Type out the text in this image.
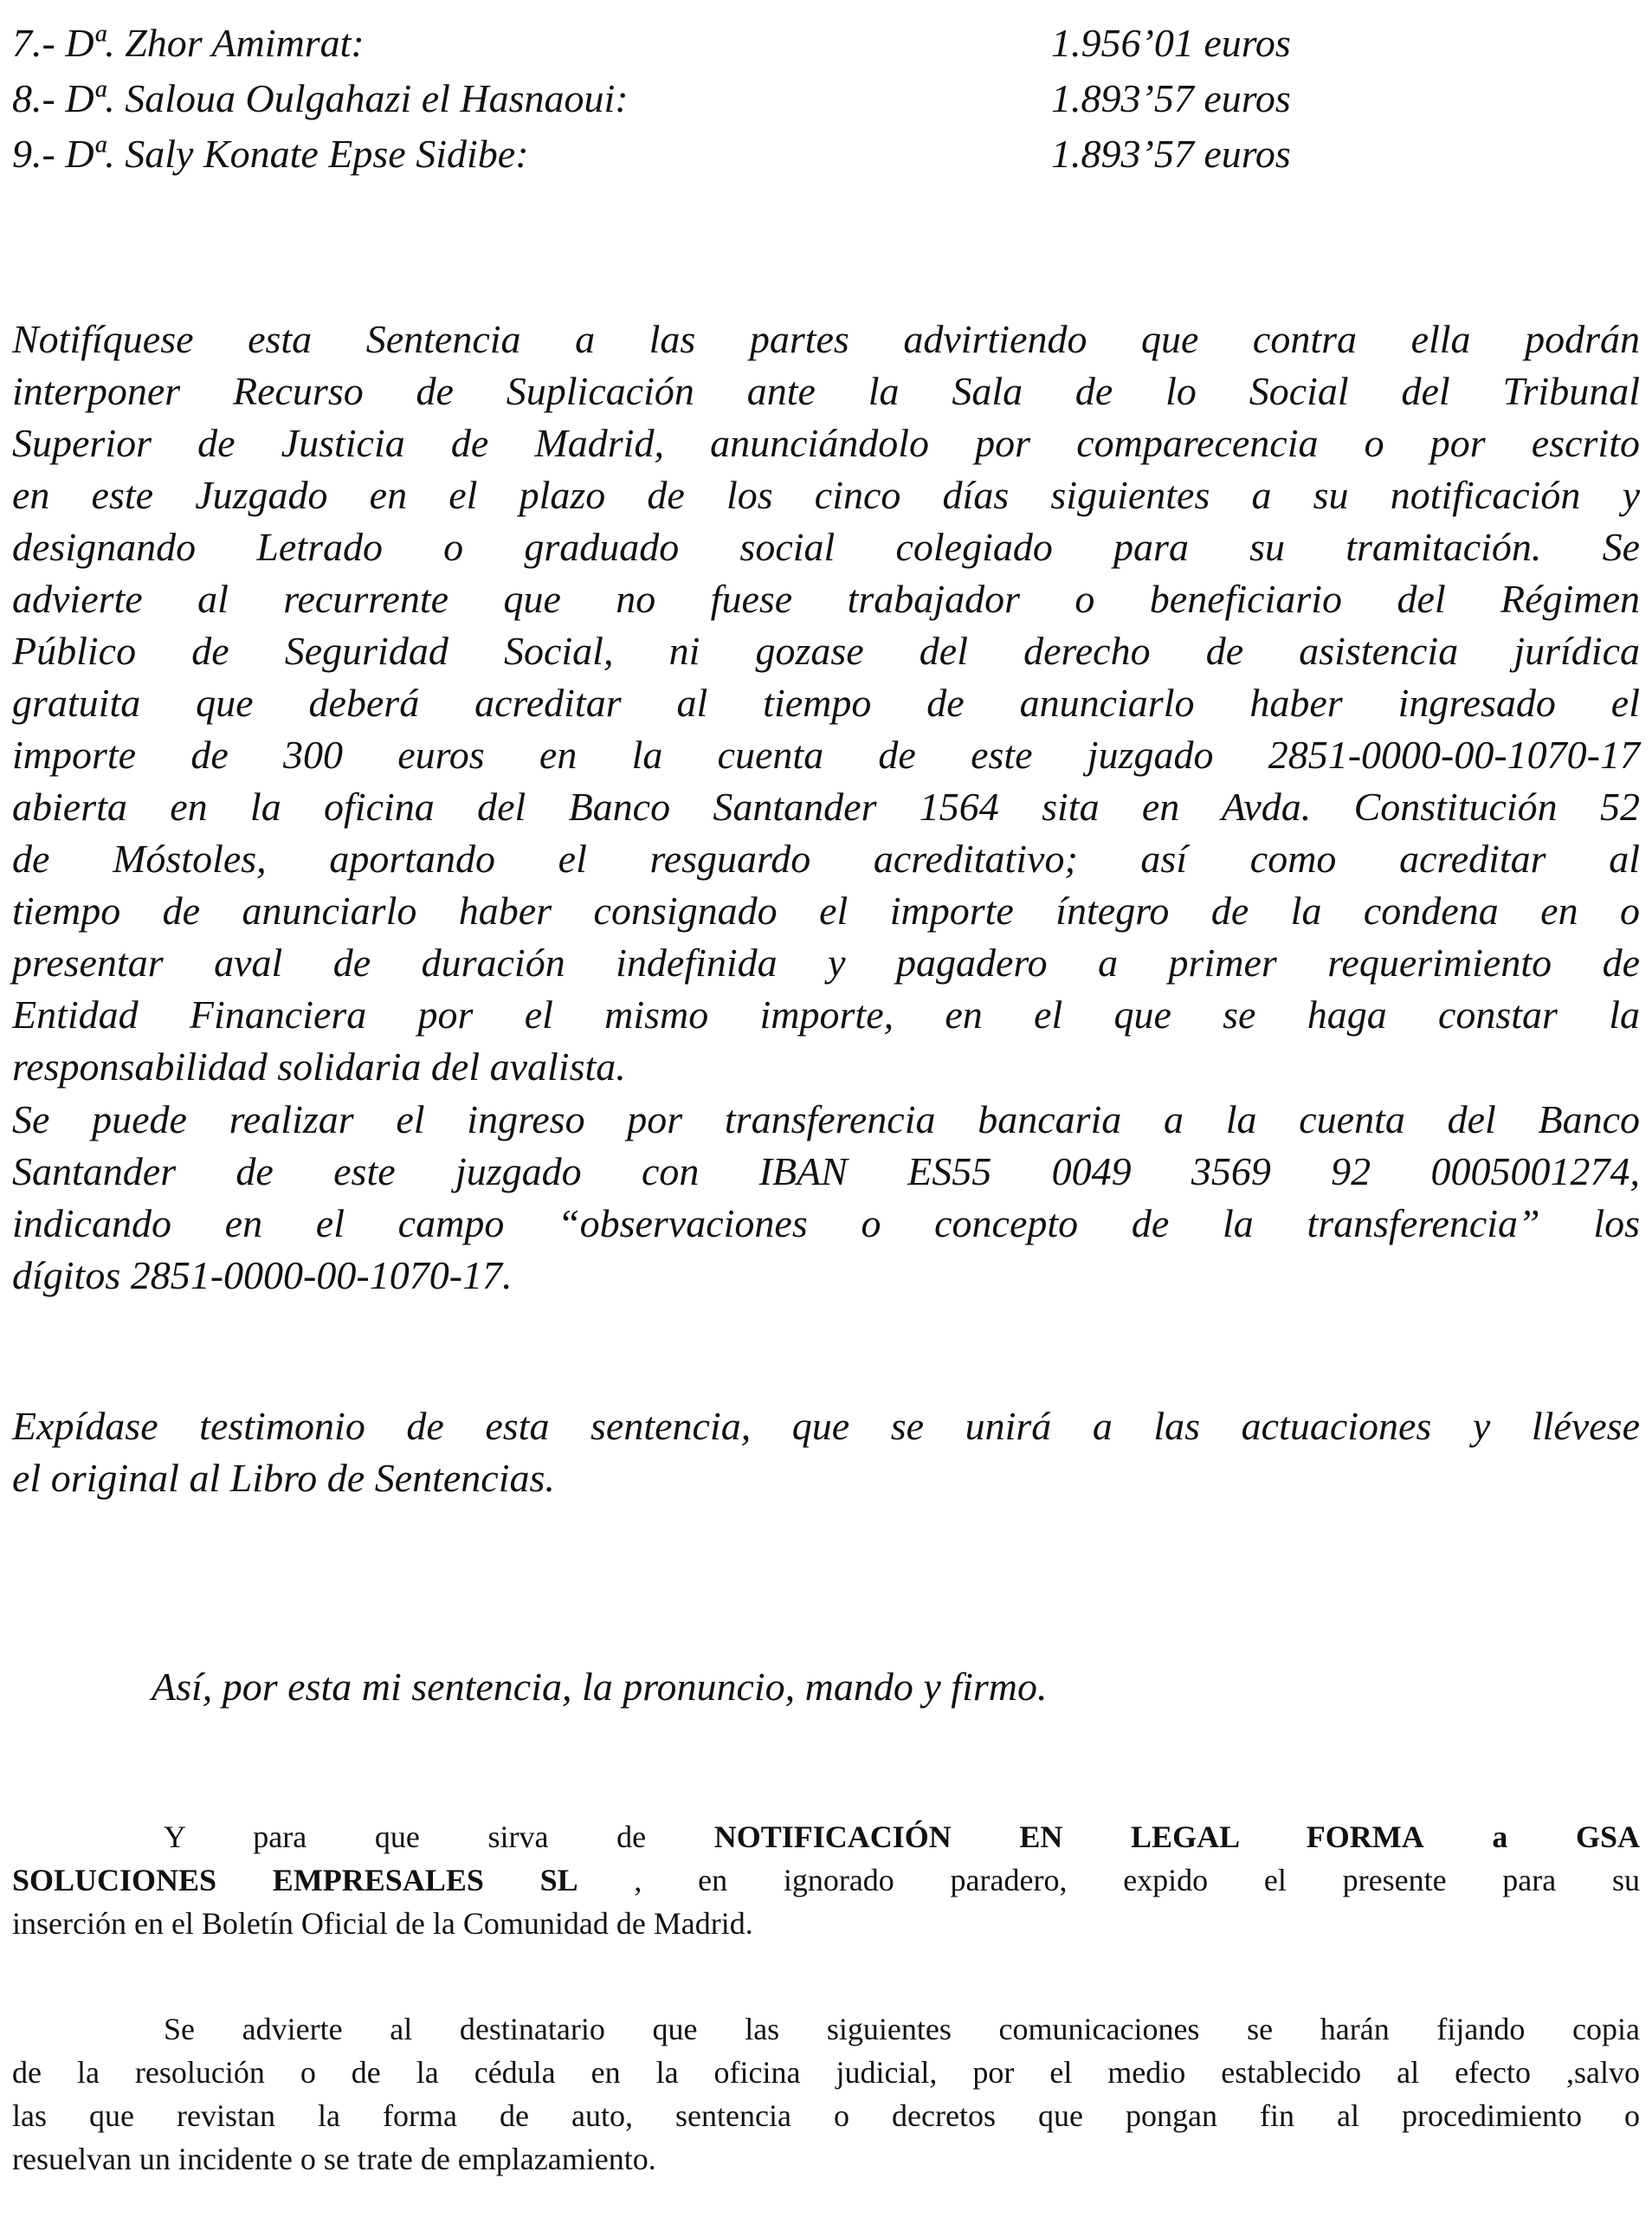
7.- Dª. Zhor Amimrat:	1.956’01 euros
8.- Dª. Saloua Oulgahazi el Hasnaoui:	1.893’57 euros
9.- Dª. Saly Konate Epse Sidibe:	1.893’57 euros
Notifíquese esta Sentencia a las partes advirtiendo que contra ella podrán
interponer Recurso de Suplicación ante la Sala de lo Social del Tribunal
Superior de Justicia de Madrid, anunciándolo por comparecencia o por escrito
en este Juzgado en el plazo de los cinco días siguientes a su notificación y
designando Letrado o graduado social colegiado para su tramitación. Se
advierte al recurrente que no fuese trabajador o beneficiario del Régimen
Público de Seguridad Social, ni gozase del derecho de asistencia jurídica
gratuita que deberá acreditar al tiempo de anunciarlo haber ingresado el
importe de 300 euros en la cuenta de este juzgado 2851-0000-00-1070-17
abierta en la oficina del Banco Santander 1564 sita en Avda. Constitución 52
de Móstoles, aportando el resguardo acreditativo; así como acreditar al
tiempo de anunciarlo haber consignado el importe íntegro de la condena en o
presentar aval de duración indefinida y pagadero a primer requerimiento de
Entidad Financiera por el mismo importe, en el que se haga constar la
responsabilidad solidaria del avalista.
Se puede realizar el ingreso por transferencia bancaria a la cuenta del Banco
Santander de este juzgado con IBAN ES55 0049 3569 92 0005001274,
indicando en el campo “observaciones o concepto de la transferencia” los
dígitos 2851-0000-00-1070-17.
Expídase testimonio de esta sentencia, que se unirá a las actuaciones y llévese
el original al Libro de Sentencias.
Así, por esta mi sentencia, la pronuncio, mando y firmo.
Y para que sirva de NOTIFICACIÓN EN LEGAL FORMA a GSA
SOLUCIONES EMPRESALES SL , en ignorado paradero, expido el presente para su
inserción en el Boletín Oficial de la Comunidad de Madrid.
Se advierte al destinatario que las siguientes comunicaciones se harán fijando copia
de la resolución o de la cédula en la oficina judicial, por el medio establecido al efecto ,salvo
las que revistan la forma de auto, sentencia o decretos que pongan fin al procedimiento o
resuelvan un incidente o se trate de emplazamiento.
